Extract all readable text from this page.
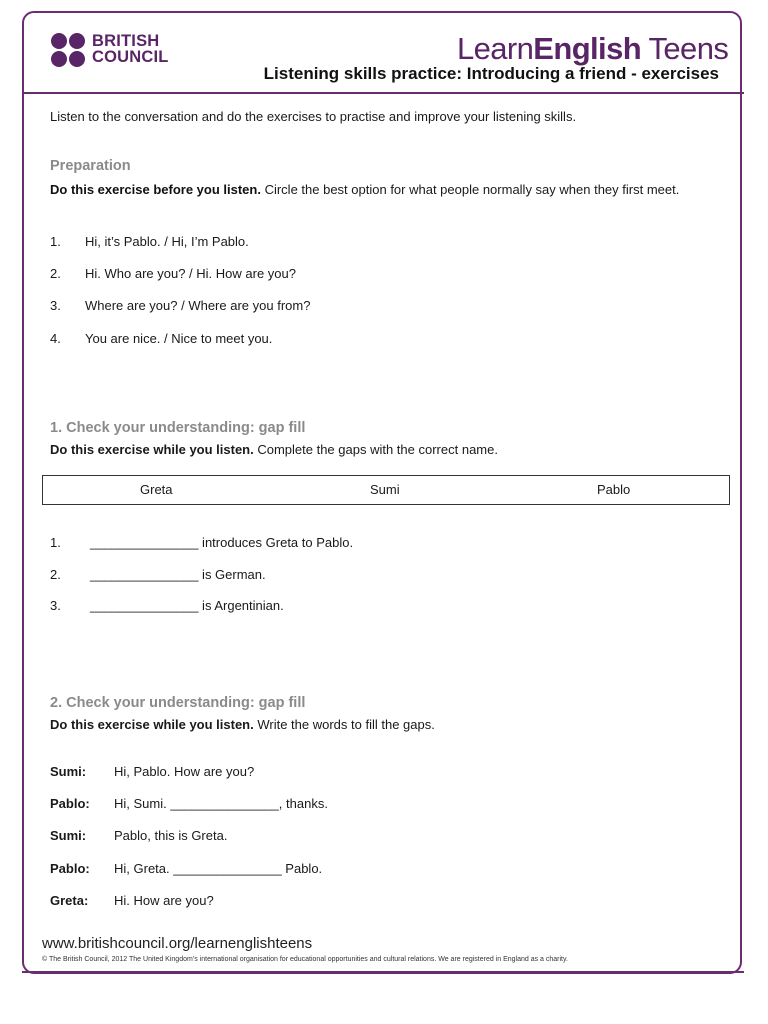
BRITISH
COUNCIL	LearnEnglish Teens
Listening skills practice: Introducing a friend - exercises
Listen to the conversation and do the exercises to practise and improve your listening skills.
Preparation
Do this exercise before you listen. Circle the best option for what people normally say when they first meet.
1. Hi, it’s Pablo. / Hi, I’m Pablo.
2. Hi. Who are you? / Hi. How are you?
3. Where are you? / Where are you from?
4. You are nice. / Nice to meet you.
1. Check your understanding: gap fill
Do this exercise while you listen. Complete the gaps with the correct name.
Greta	Sumi	Pablo
1. _______________ introduces Greta to Pablo.
2. _______________ is German.
3. _______________ is Argentinian.
2. Check your understanding: gap fill
Do this exercise while you listen. Write the words to fill the gaps.
Sumi: Hi, Pablo. How are you?
Pablo: Hi, Sumi. _______________, thanks.
Sumi: Pablo, this is Greta.
Pablo: Hi, Greta. _______________ Pablo.
Greta: Hi. How are you?
www.britishcouncil.org/learnenglishteens
© The British Council, 2012 The United Kingdom’s international organisation for educational opportunities and cultural relations. We are registered in England as a charity.
